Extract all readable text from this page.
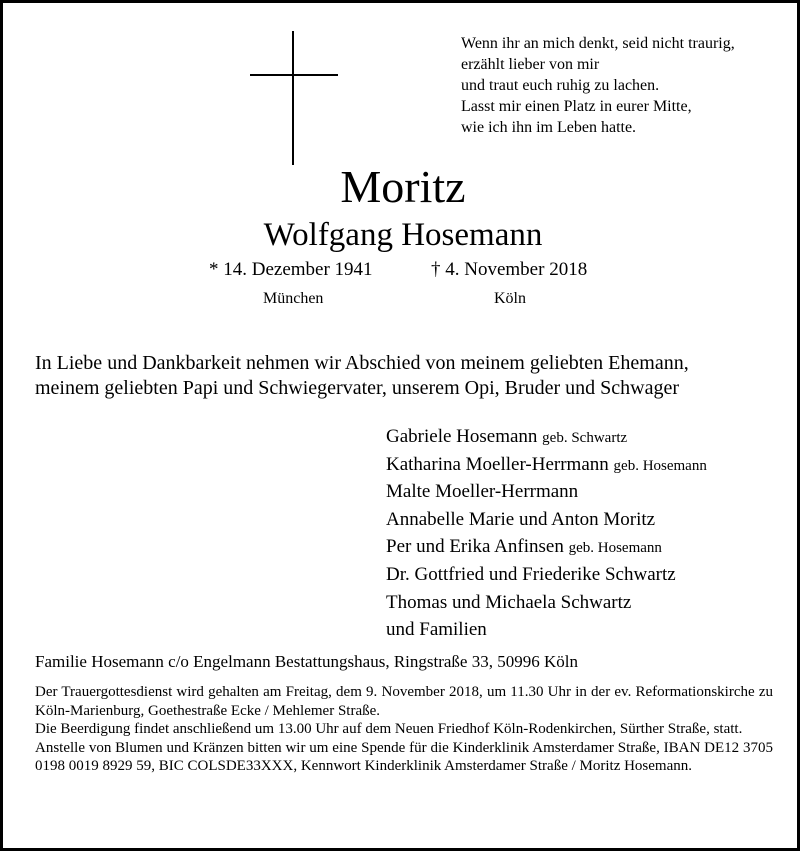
Wenn ihr an mich denkt, seid nicht traurig,
erzählt lieber von mir
und traut euch ruhig zu lachen.
Lasst mir einen Platz in eurer Mitte,
wie ich ihn im Leben hatte.
Moritz
Wolfgang Hosemann
* 14. Dezember 1941	† 4. November 2018
München	Köln
In Liebe und Dankbarkeit nehmen wir Abschied von meinem geliebten Ehemann,
meinem geliebten Papi und Schwiegervater, unserem Opi, Bruder und Schwager
Gabriele Hosemann geb. Schwartz
Katharina Moeller-Herrmann geb. Hosemann
Malte Moeller-Herrmann
Annabelle Marie und Anton Moritz
Per und Erika Anfinsen geb. Hosemann
Dr. Gottfried und Friederike Schwartz
Thomas und Michaela Schwartz
und Familien
Familie Hosemann c/o Engelmann Bestattungshaus, Ringstraße 33, 50996 Köln

Der Trauergottesdienst wird gehalten am Freitag, dem 9. November 2018, um 11.30 Uhr in der ev. Reformationskirche zu Köln-Marienburg, Goethestraße Ecke / Mehlemer Straße.

Die Beerdigung findet anschließend um 13.00 Uhr auf dem Neuen Friedhof Köln-Rodenkirchen, Sürther Straße, statt.

Anstelle von Blumen und Kränzen bitten wir um eine Spende für die Kinderklinik Amsterdamer Straße, IBAN DE12 3705 0198 0019 8929 59, BIC COLSDE33XXX, Kennwort Kinderklinik Amsterdamer Straße / Moritz Hosemann.
